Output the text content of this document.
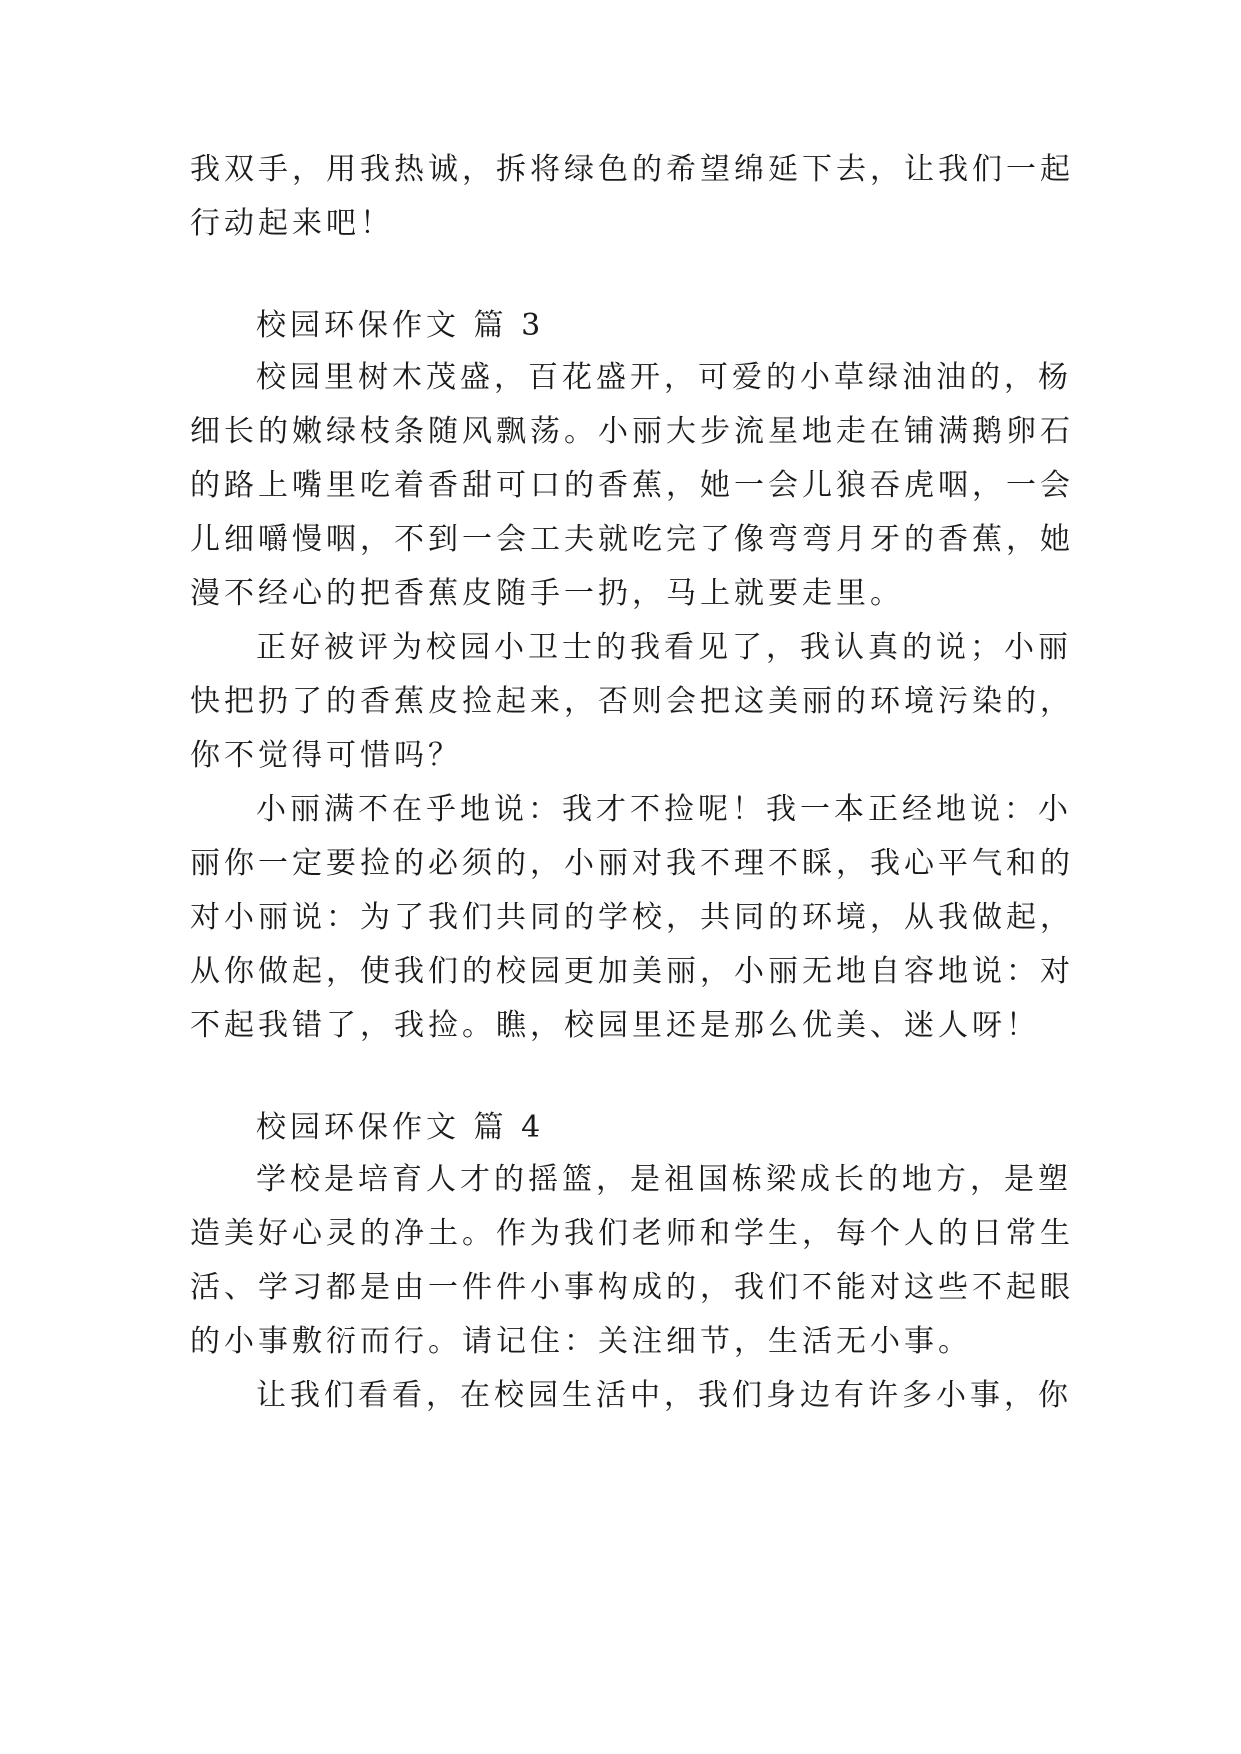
我双手，用我热诚，拆将绿色的希望绵延下去，让我们一起
行动起来吧！
校园环保作文 篇 3
校园里树木茂盛，百花盛开，可爱的小草绿油油的，杨
细长的嫩绿枝条随风飘荡。小丽大步流星地走在铺满鹅卵石
的路上嘴里吃着香甜可口的香蕉，她一会儿狼吞虎咽，一会
儿细嚼慢咽，不到一会工夫就吃完了像弯弯月牙的香蕉，她
漫不经心的把香蕉皮随手一扔，马上就要走里。
正好被评为校园小卫士的我看见了，我认真的说；小丽
快把扔了的香蕉皮捡起来，否则会把这美丽的环境污染的，
你不觉得可惜吗？
小丽满不在乎地说：我才不捡呢！我一本正经地说：小
丽你一定要捡的必须的，小丽对我不理不睬，我心平气和的
对小丽说：为了我们共同的学校，共同的环境，从我做起，
从你做起，使我们的校园更加美丽，小丽无地自容地说：对
不起我错了，我捡。瞧，校园里还是那么优美、迷人呀！
校园环保作文 篇 4
学校是培育人才的摇篮，是祖国栋梁成长的地方，是塑
造美好心灵的净土。作为我们老师和学生，每个人的日常生
活、学习都是由一件件小事构成的，我们不能对这些不起眼
的小事敷衍而行。请记住：关注细节，生活无小事。
让我们看看，在校园生活中，我们身边有许多小事，你
